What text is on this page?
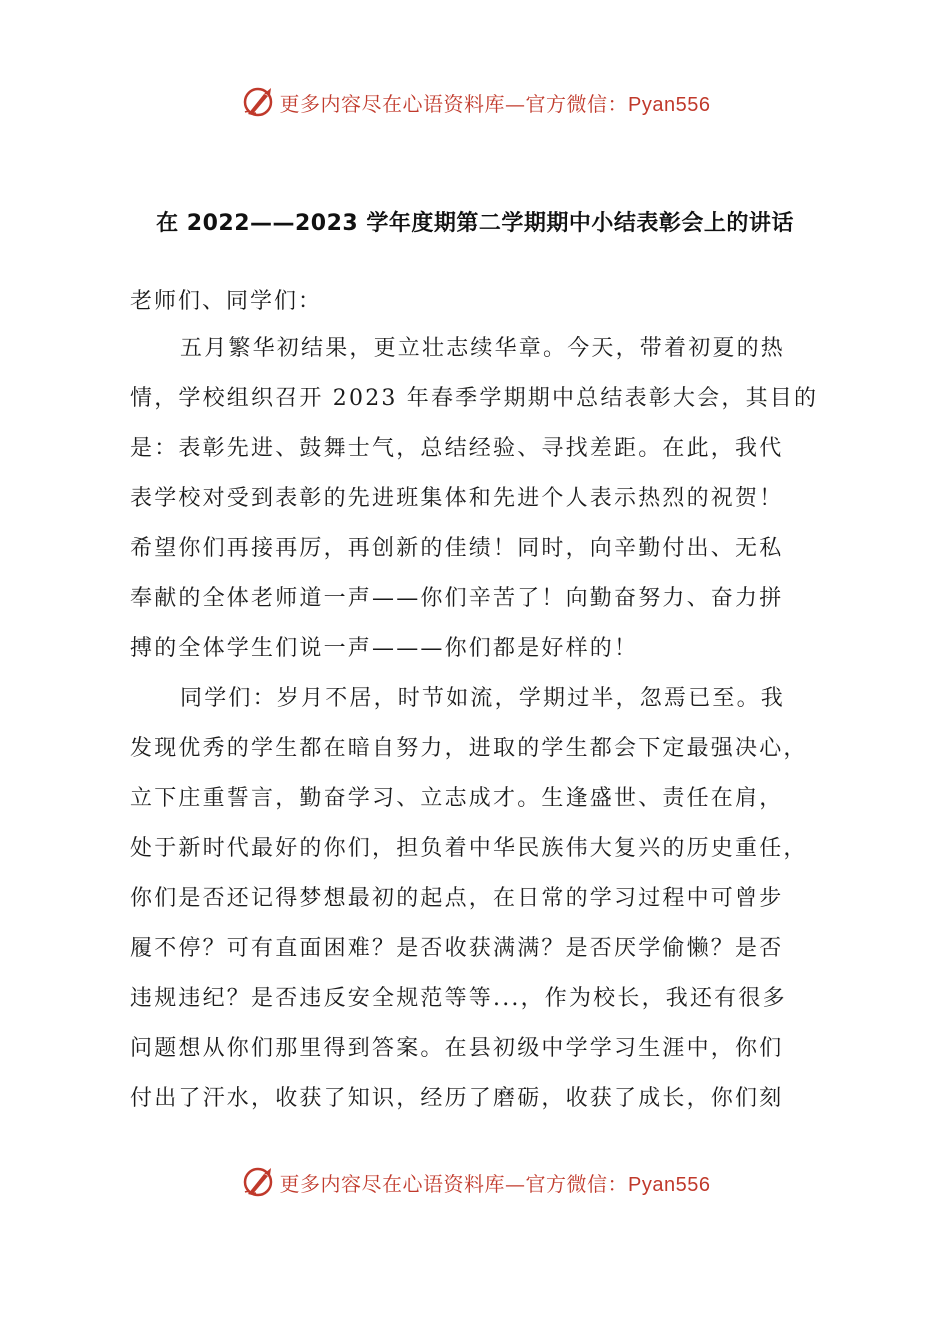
更多内容尽在心语资料库—官方微信：Pyan556
在 2022——2023 学年度期第二学期期中小结表彰会上的讲话
老师们、同学们：
五月繁华初结果，更立壮志续华章。今天，带着初夏的热
情，学校组织召开 2023 年春季学期期中总结表彰大会，其目的
是：表彰先进、鼓舞士气，总结经验、寻找差距。在此，我代
表学校对受到表彰的先进班集体和先进个人表示热烈的祝贺！
希望你们再接再厉，再创新的佳绩！同时，向辛勤付出、无私
奉献的全体老师道一声——你们辛苦了！向勤奋努力、奋力拼
搏的全体学生们说一声———你们都是好样的！
同学们：岁月不居，时节如流，学期过半，忽焉已至。我
发现优秀的学生都在暗自努力，进取的学生都会下定最强决心，
立下庄重誓言，勤奋学习、立志成才。生逢盛世、责任在肩，
处于新时代最好的你们，担负着中华民族伟大复兴的历史重任，
你们是否还记得梦想最初的起点，在日常的学习过程中可曾步
履不停？可有直面困难？是否收获满满？是否厌学偷懒？是否
违规违纪？是否违反安全规范等等...，作为校长，我还有很多
问题想从你们那里得到答案。在县初级中学学习生涯中，你们
付出了汗水，收获了知识，经历了磨砺，收获了成长，你们刻
更多内容尽在心语资料库—官方微信：Pyan556
